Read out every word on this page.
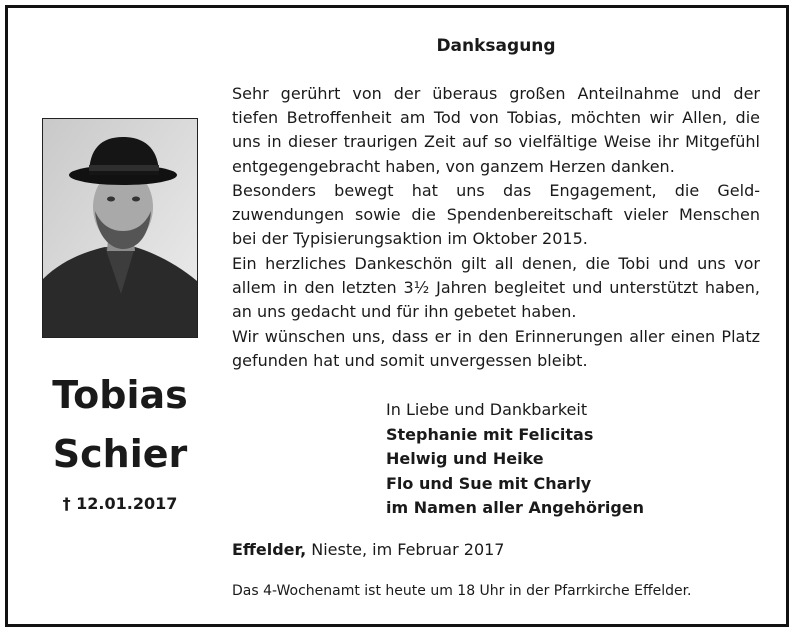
Tobias
Schier
† 12.01.2017
Danksagung
Sehr gerührt von der überaus großen Anteilnahme und der
tiefen Betroffenheit am Tod von Tobias, möchten wir Allen, die
uns in dieser traurigen Zeit auf so vielfältige Weise ihr Mitgefühl
entgegengebracht haben, von ganzem Herzen danken.
Besonders bewegt hat uns das Engagement, die Geld-
zuwendungen sowie die Spendenbereitschaft vieler Menschen
bei der Typisierungsaktion im Oktober 2015.
Ein herzliches Dankeschön gilt all denen, die Tobi und uns vor
allem in den letzten 3½ Jahren begleitet und unterstützt haben,
an uns gedacht und für ihn gebetet haben.
Wir wünschen uns, dass er in den Erinnerungen aller einen Platz
gefunden hat und somit unvergessen bleibt.
In Liebe und Dankbarkeit
Stephanie mit Felicitas
Helwig und Heike
Flo und Sue mit Charly
im Namen aller Angehörigen
Effelder, Nieste, im Februar 2017
Das 4-Wochenamt ist heute um 18 Uhr in der Pfarrkirche Effelder.
